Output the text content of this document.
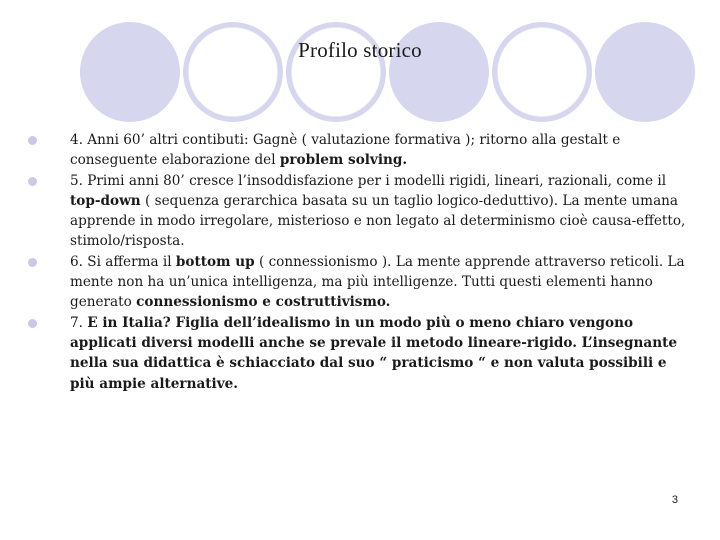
Profilo storico
4. Anni 60’ altri contibuti: Gagnè ( valutazione formativa ); ritorno alla gestalt e conseguente elaborazione del problem solving.
5. Primi anni 80’ cresce l’insoddisfazione per i modelli rigidi, lineari, razionali, come il top-down ( sequenza gerarchica basata su un taglio logico-deduttivo). La mente umana apprende in modo irregolare, misterioso e non legato al determinismo cioè causa-effetto, stimolo/risposta.
6. Si afferma il bottom up ( connessionismo ). La mente apprende attraverso reticoli. La mente non ha un’unica intelligenza, ma più intelligenze. Tutti questi elementi hanno generato connessionismo e costruttivismo.
7. E in Italia? Figlia dell’idealismo in un modo più o meno chiaro vengono applicati diversi modelli anche se prevale il metodo lineare-rigido. L’insegnante nella sua didattica è schiacciato dal suo “ praticismo “ e non valuta possibili e più ampie alternative.
3
